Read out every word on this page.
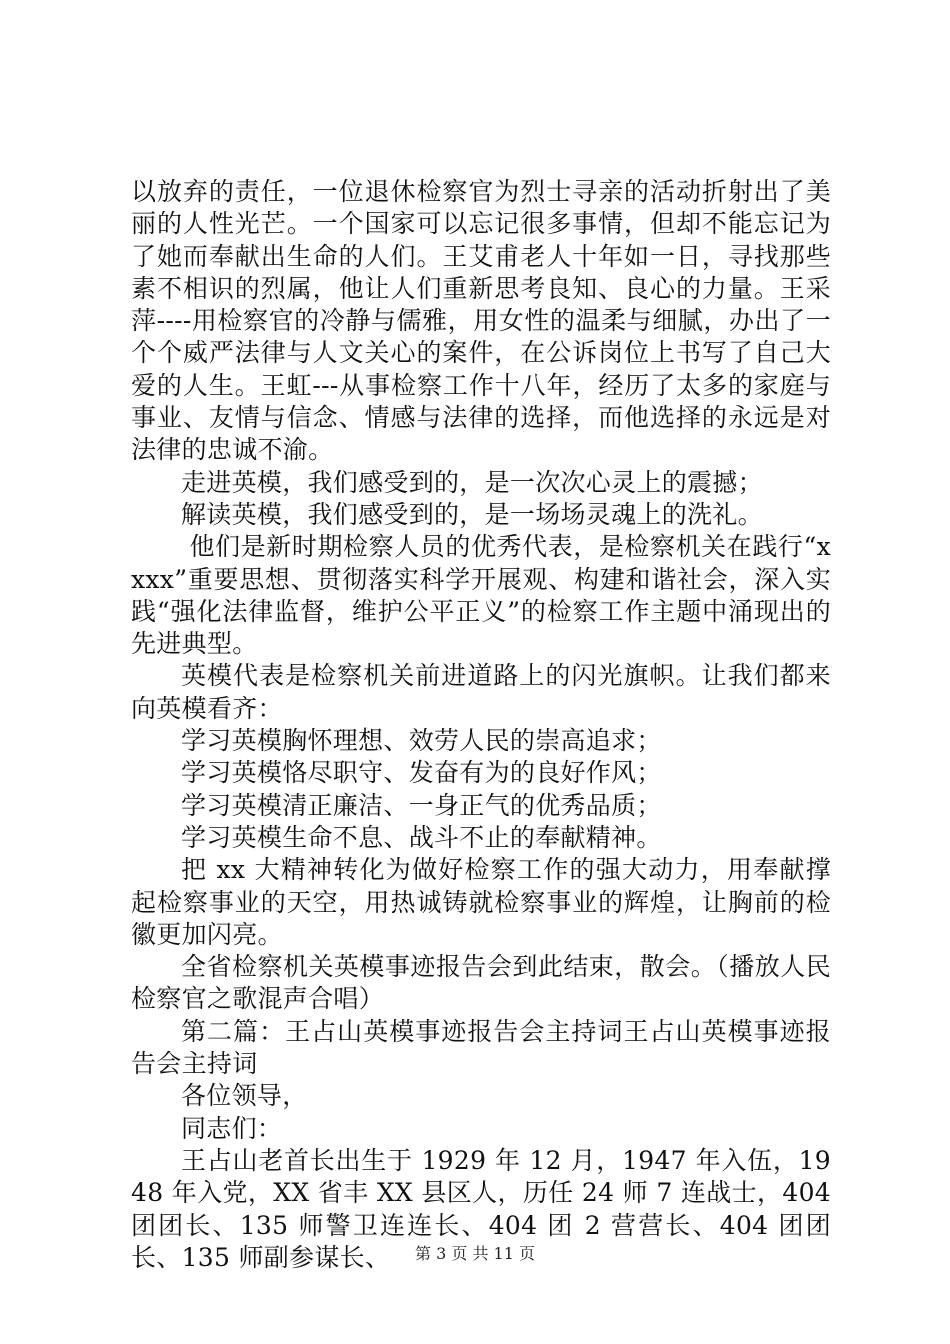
以放弃的责任，一位退休检察官为烈士寻亲的活动折射出了美丽的人性光芒。一个国家可以忘记很多事情，但却不能忘记为了她而奉献出生命的人们。王艾甫老人十年如一日，寻找那些素不相识的烈属，他让人们重新思考良知、良心的力量。王采萍----用检察官的冷静与儒雅，用女性的温柔与细腻，办出了一个个威严法律与人文关心的案件，在公诉岗位上书写了自己大爱的人生。王虹---从事检察工作十八年，经历了太多的家庭与事业、友情与信念、情感与法律的选择，而他选择的永远是对法律的忠诚不渝。

走进英模，我们感受到的，是一次次心灵上的震撼；

解读英模，我们感受到的，是一场场灵魂上的洗礼。

他们是新时期检察人员的优秀代表，是检察机关在践行“xxxx”重要思想、贯彻落实科学开展观、构建和谐社会，深入实践“强化法律监督，维护公平正义”的检察工作主题中涌现出的先进典型。

英模代表是检察机关前进道路上的闪光旗帜。让我们都来向英模看齐：

学习英模胸怀理想、效劳人民的崇高追求；

学习英模恪尽职守、发奋有为的良好作风；

学习英模清正廉洁、一身正气的优秀品质；

学习英模生命不息、战斗不止的奉献精神。

把 xx 大精神转化为做好检察工作的强大动力，用奉献撑起检察事业的天空，用热诚铸就检察事业的辉煌，让胸前的检徽更加闪亮。

全省检察机关英模事迹报告会到此结束，散会。（播放人民检察官之歌混声合唱）

第二篇：王占山英模事迹报告会主持词王占山英模事迹报告会主持词

各位领导，

同志们：

王占山老首长出生于 1929 年 12 月，1947 年入伍，1948 年入党，XX 省丰 XX 县区人，历任 24 师 7 连战士，404 团团长、135 师警卫连连长、404 团 2 营营长、404 团团长、135 师副参谋长、	第 3 页 共 11 页
